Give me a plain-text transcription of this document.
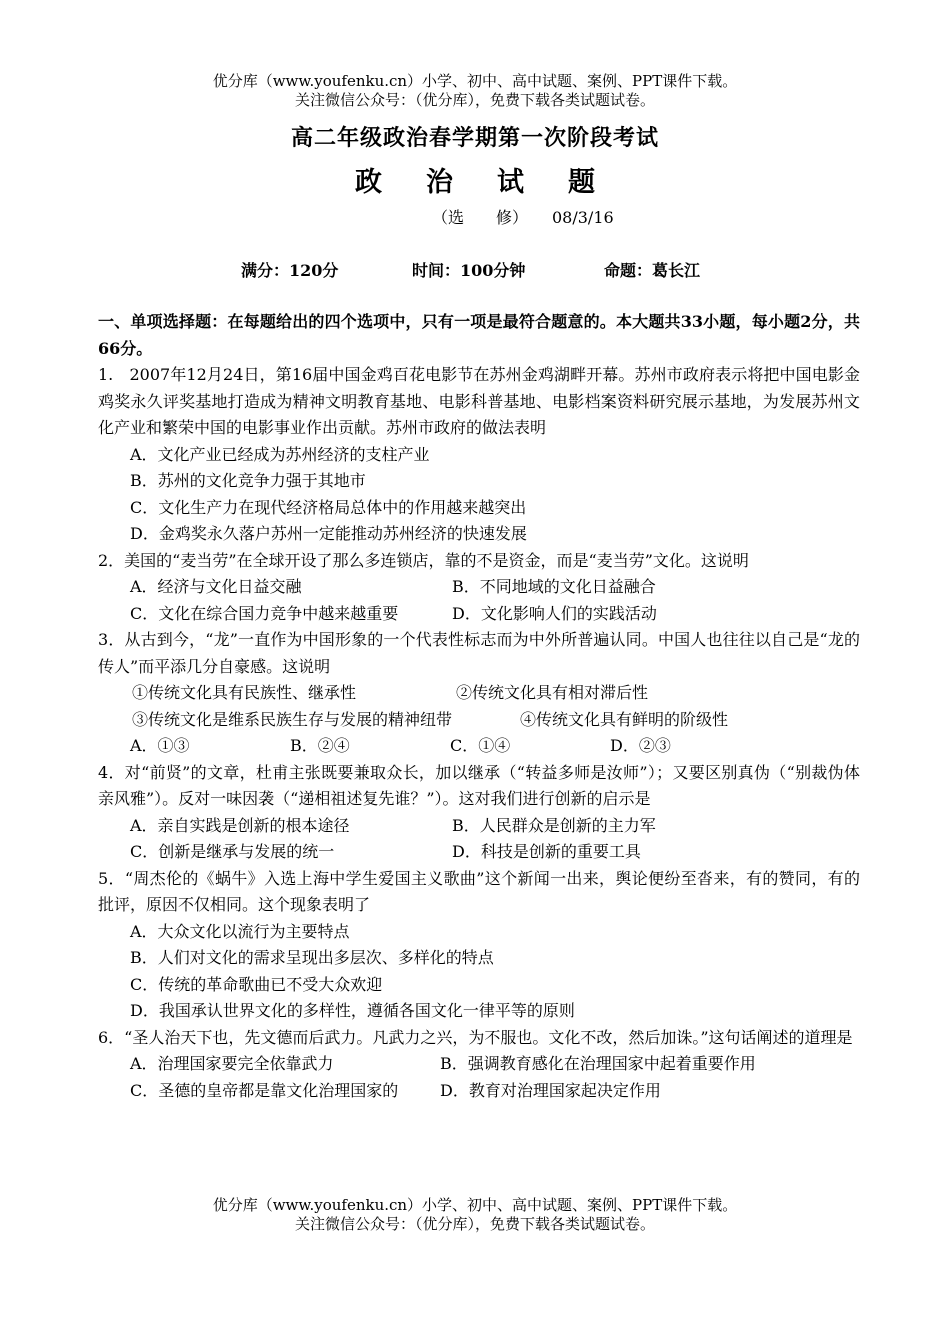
优分库（www.youfenku.cn）小学、初中、高中试题、案例、PPT课件下载。
关注微信公众号：（优分库），免费下载各类试题试卷。
高二年级政治春学期第一次阶段考试
政 治 试 题
（选　　修） 08/3/16
满分：120分	时间：100分钟	命题：葛长江
一、单项选择题：在每题给出的四个选项中，只有一项是最符合题意的。本大题共33小题，每小题2分，共66分。
1.　2007年12月24日，第16届中国金鸡百花电影节在苏州金鸡湖畔开幕。苏州市政府表示将把中国电影金鸡奖永久评奖基地打造成为精神文明教育基地、电影科普基地、电影档案资料研究展示基地，为发展苏州文化产业和繁荣中国的电影事业作出贡献。苏州市政府的做法表明
A．文化产业已经成为苏州经济的支柱产业
B．苏州的文化竞争力强于其地市
C．文化生产力在现代经济格局总体中的作用越来越突出
D．金鸡奖永久落户苏州一定能推动苏州经济的快速发展
2．美国的“麦当劳”在全球开设了那么多连锁店，靠的不是资金，而是“麦当劳”文化。这说明
A．经济与文化日益交融	B．不同地域的文化日益融合
C．文化在综合国力竞争中越来越重要	D．文化影响人们的实践活动
3．从古到今，“龙”一直作为中国形象的一个代表性标志而为中外所普遍认同。中国人也往往以自己是“龙的传人”而平添几分自豪感。这说明
①传统文化具有民族性、继承性	②传统文化具有相对滞后性
③传统文化是维系民族生存与发展的精神纽带	④传统文化具有鲜明的阶级性
A．①③	B．②④	C．①④	D．②③
4．对“前贤”的文章，杜甫主张既要兼取众长，加以继承（“转益多师是汝师”）；又要区别真伪（“别裁伪体亲风雅”）。反对一味因袭（“递相祖述复先谁？”）。这对我们进行创新的启示是
A．亲自实践是创新的根本途径	B．人民群众是创新的主力军
C．创新是继承与发展的统一	D．科技是创新的重要工具
5．“周杰伦的《蜗牛》入选上海中学生爱国主义歌曲”这个新闻一出来，舆论便纷至沓来，有的赞同，有的批评，原因不仅相同。这个现象表明了
A．大众文化以流行为主要特点
B．人们对文化的需求呈现出多层次、多样化的特点
C．传统的革命歌曲已不受大众欢迎
D．我国承认世界文化的多样性，遵循各国文化一律平等的原则
6．“圣人治天下也，先文德而后武力。凡武力之兴，为不服也。文化不改，然后加诛。”这句话阐述的道理是
A．治理国家要完全依靠武力	B．强调教育感化在治理国家中起着重要作用
C．圣德的皇帝都是靠文化治理国家的	D．教育对治理国家起决定作用
优分库（www.youfenku.cn）小学、初中、高中试题、案例、PPT课件下载。
关注微信公众号：（优分库），免费下载各类试题试卷。
